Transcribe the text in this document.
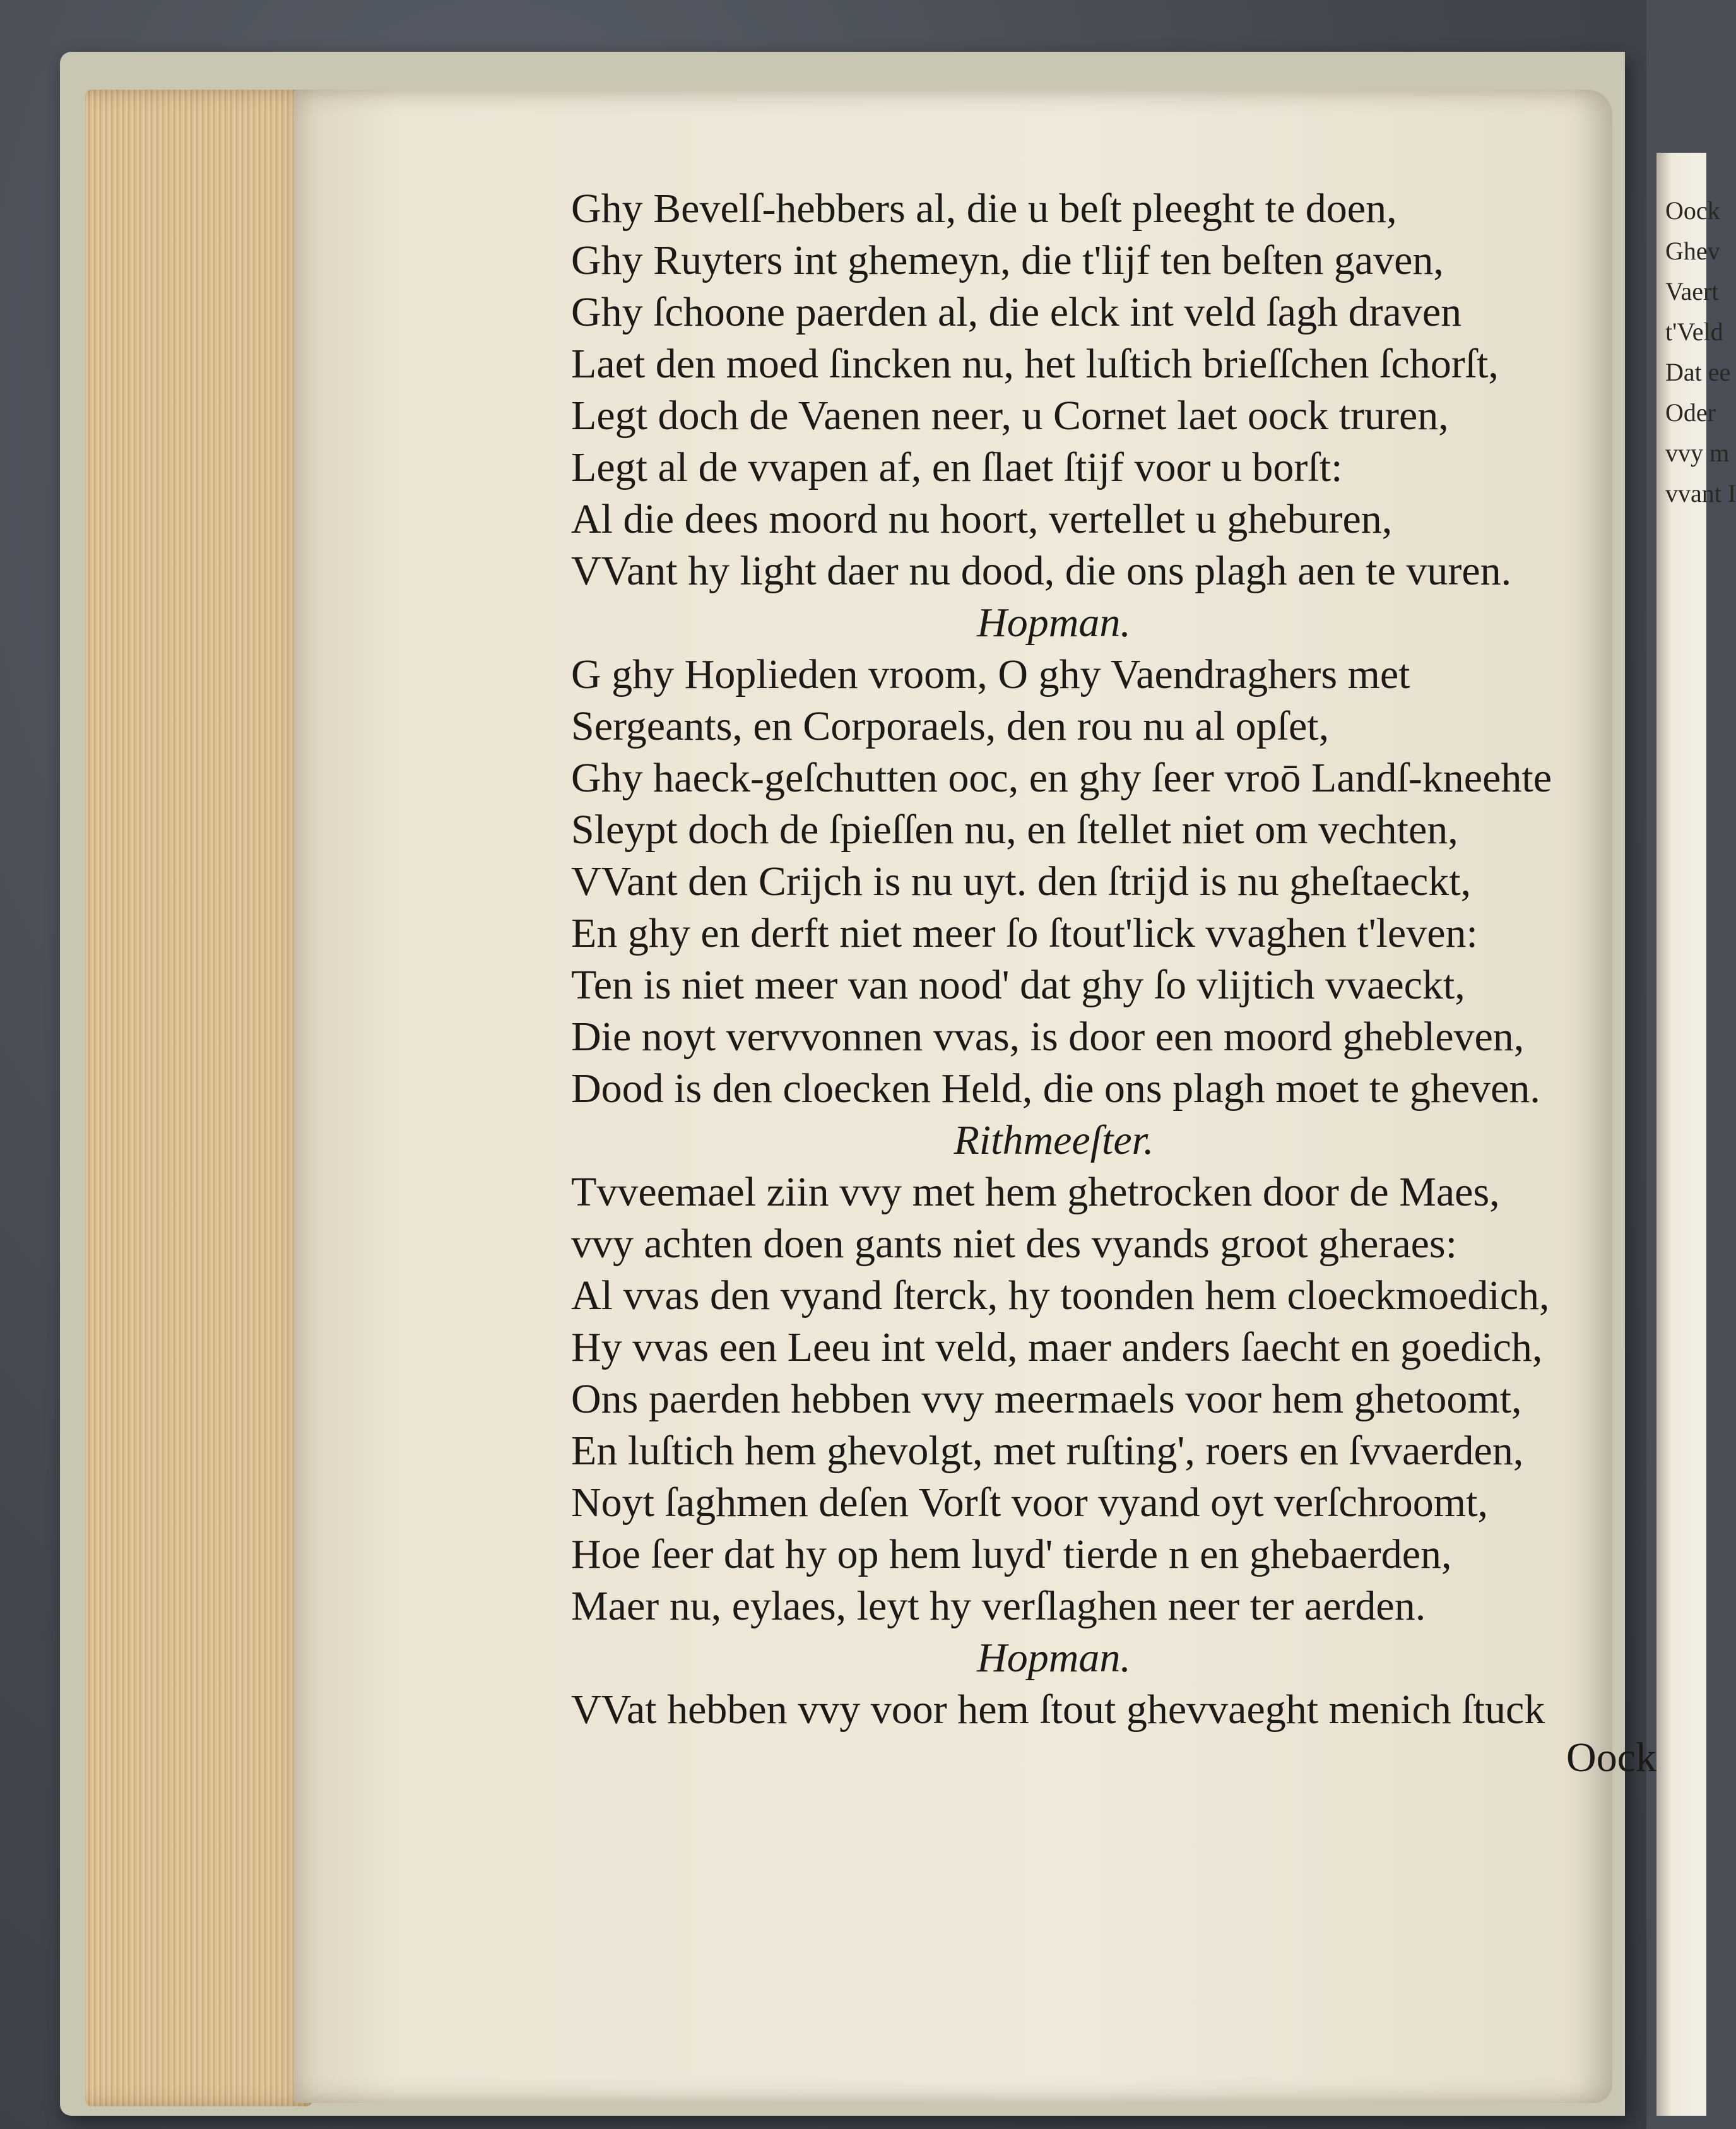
Oock
Ghev
Vaert
t'Veld
Dat ee
Oder
vvy m
vvant I
Ghy Bevelſ-hebbers al, die u beſt pleeght te doen,
Ghy Ruyters int ghemeyn, die t'lijf ten beſten gaven,
Ghy ſchoone paerden al, die elck int veld ſagh draven
Laet den moed ſincken nu, het luſtich brieſſchen ſchorſt,
Legt doch de Vaenen neer, u Cornet laet oock truren,
Legt al de vvapen af, en ſlaet ſtijf voor u borſt:
Al die dees moord nu hoort, vertellet u gheburen,
VVant hy light daer nu dood, die ons plagh aen te vuren.
Hopman.
G ghy Hoplieden vroom, O ghy Vaendraghers met
Sergeants, en Corporaels, den rou nu al opſet,
Ghy haeck-geſchutten ooc, en ghy ſeer vroō Landſ-kneehte
Sleypt doch de ſpieſſen nu, en ſtellet niet om vechten,
VVant den Crijch is nu uyt. den ſtrijd is nu gheſtaeckt,
En ghy en derft niet meer ſo ſtout'lick vvaghen t'leven:
Ten is niet meer van nood' dat ghy ſo vlijtich vvaeckt,
Die noyt vervvonnen vvas, is door een moord ghebleven,
Dood is den cloecken Held, die ons plagh moet te gheven.
Rithmeeſter.
Tvveemael ziin vvy met hem ghetrocken door de Maes,
vvy achten doen gants niet des vyands groot gheraes:
Al vvas den vyand ſterck, hy toonden hem cloeckmoedich,
Hy vvas een Leeu int veld, maer anders ſaecht en goedich,
Ons paerden hebben vvy meermaels voor hem ghetoomt,
En luſtich hem ghevolgt, met ruſting', roers en ſvvaerden,
Noyt ſaghmen deſen Vorſt voor vyand oyt verſchroomt,
Hoe ſeer dat hy op hem luyd' tierde n en ghebaerden,
Maer nu, eylaes, leyt hy verſlaghen neer ter aerden.
Hopman.
VVat hebben vvy voor hem ſtout ghevvaeght menich ſtuck
Oock
